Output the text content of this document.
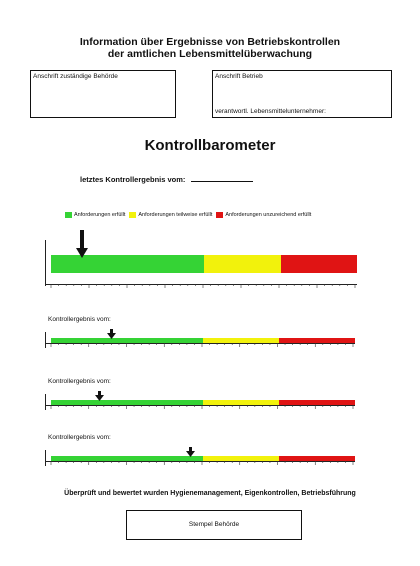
Information über Ergebnisse von Betriebskontrollen
der amtlichen Lebensmittelüberwachung
Anschrift zuständige Behörde	Anschrift Betrieb
verantwortl. Lebensmittelunternehmer:
Kontrollbarometer
letztes Kontrollergebnis vom:
Anforderungen erfüllt Anforderungen teilweise erfüllt Anforderungen unzureichend erfüllt
Kontrollergebnis vom:
Kontrollergebnis vom:
Kontrollergebnis vom:
Überprüft und bewertet wurden Hygienemanagement, Eigenkontrollen, Betriebsführung
Stempel Behörde
